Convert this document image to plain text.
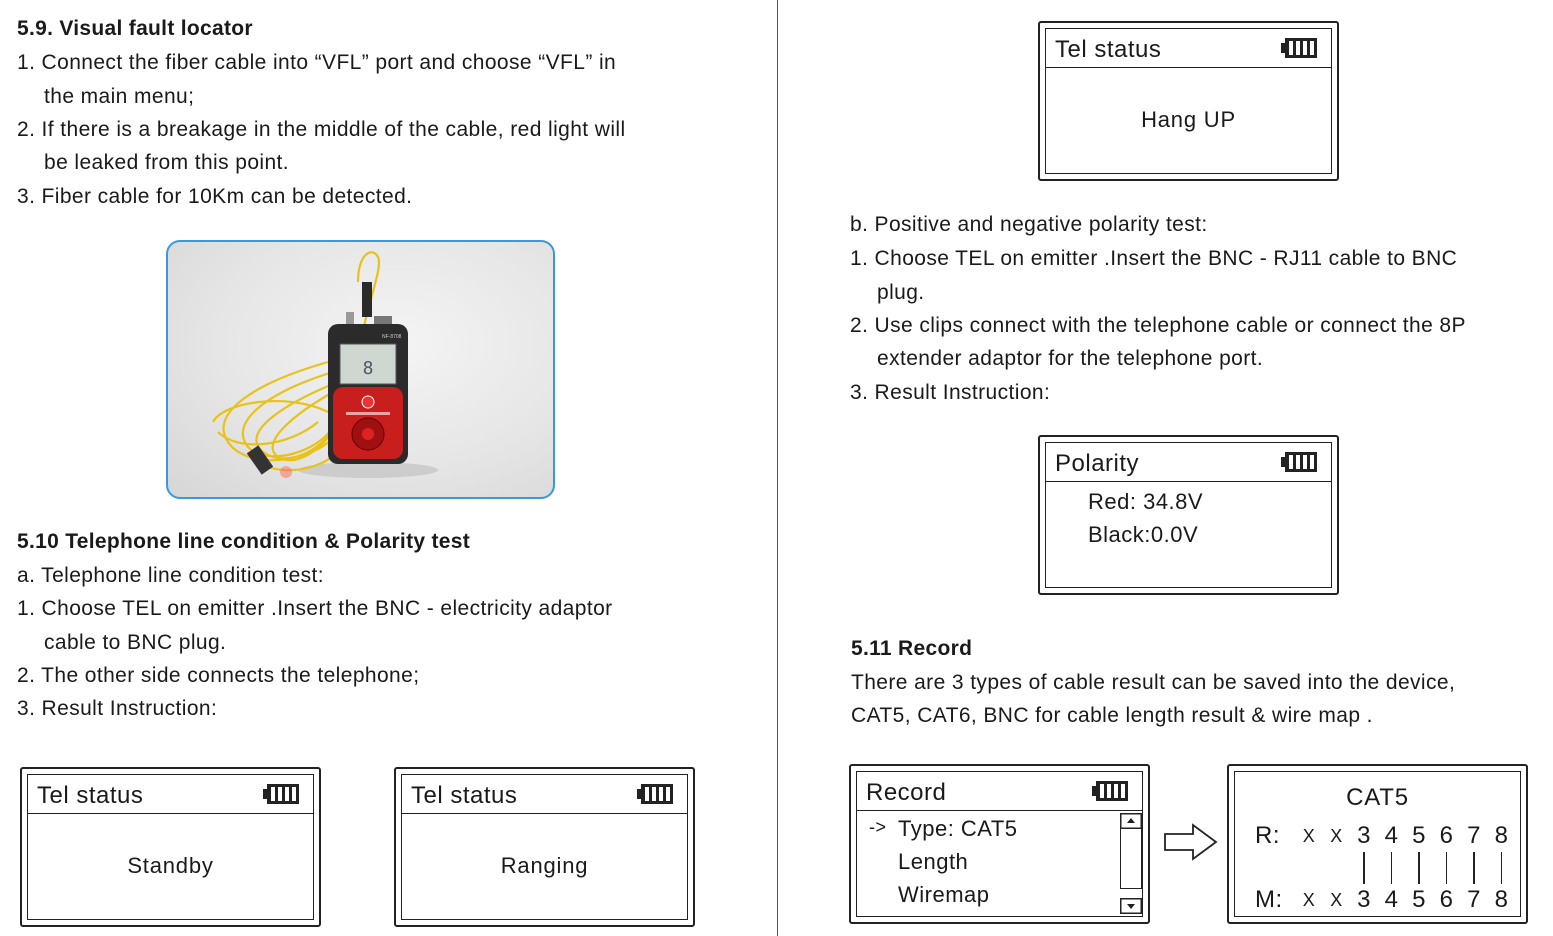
5.9. Visual fault locator
1. Connect the fiber cable into “VFL” port and choose “VFL” in
the main menu;
2. If there is a breakage in the middle of the cable, red light will
be leaked from this point.
3. Fiber cable for 10Km can be detected.
8
NF-8708
5.10 Telephone line condition & Polarity test
a. Telephone line condition test:
1. Choose TEL on emitter .Insert the BNC - electricity adaptor
cable to BNC plug.
2. The other side connects the telephone;
3. Result Instruction:
Tel status
Standby
Tel status
Ranging
Tel status
Hang UP
b. Positive and negative polarity test:
1. Choose TEL on emitter .Insert the BNC - RJ11 cable to BNC
plug.
2. Use clips connect with the telephone cable or connect the 8P
extender adaptor for the telephone port.
3. Result Instruction:
Polarity
Red: 34.8V
Black:0.0V
5.11 Record
There are 3 types of cable result can be saved into the device,
CAT5, CAT6, BNC for cable length result & wire map .
Record
-> Type: CAT5
Length
Wiremap
CAT5
R:
M:
X
X
X
X
3
3
4
4
5
5
6
6
7
7
8
8
